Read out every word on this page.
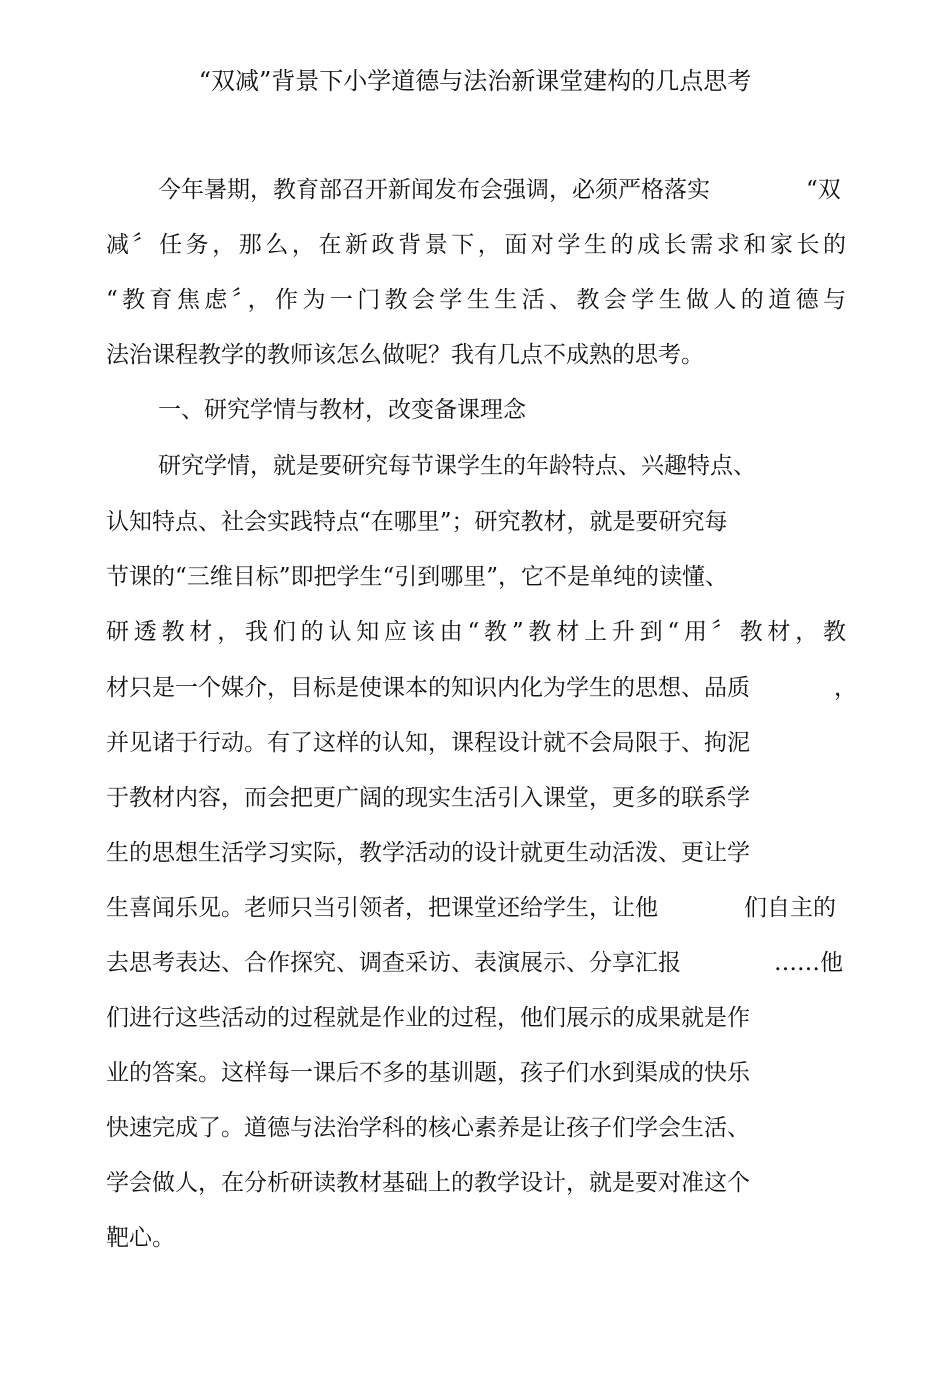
“双减”背景下小学道德与法治新课堂建构的几点思考
今年暑期，教育部召开新闻发布会强调，必须严格落实	“双
减〞任务，那么，在新政背景下，面对学生的成长需求和家长的
“教育焦虑〞，作为一门教会学生生活、教会学生做人的道德与
法治课程教学的教师该怎么做呢？我有几点不成熟的思考。
一、研究学情与教材，改变备课理念
研究学情，就是要研究每节课学生的年龄特点、兴趣特点、
认知特点、社会实践特点“在哪里”；研究教材，就是要研究每
节课的“三维目标”即把学生“引到哪里”，它不是单纯的读懂、
研透教材，我们的认知应该由“教”教材上升到“用〞教材，教
材只是一个媒介，目标是使课本的知识内化为学生的思想、品质	，
并见诸于行动。有了这样的认知，课程设计就不会局限于、拘泥
于教材内容，而会把更广阔的现实生活引入课堂，更多的联系学
生的思想生活学习实际，教学活动的设计就更生动活泼、更让学
生喜闻乐见。老师只当引领者，把课堂还给学生，让他	们自主的
去思考表达、合作探究、调查采访、表演展示、分享汇报	……他
们进行这些活动的过程就是作业的过程，他们展示的成果就是作
业的答案。这样每一课后不多的基训题，孩子们水到渠成的快乐
快速完成了。道德与法治学科的核心素养是让孩子们学会生活、
学会做人，在分析研读教材基础上的教学设计，就是要对准这个
靶心。
